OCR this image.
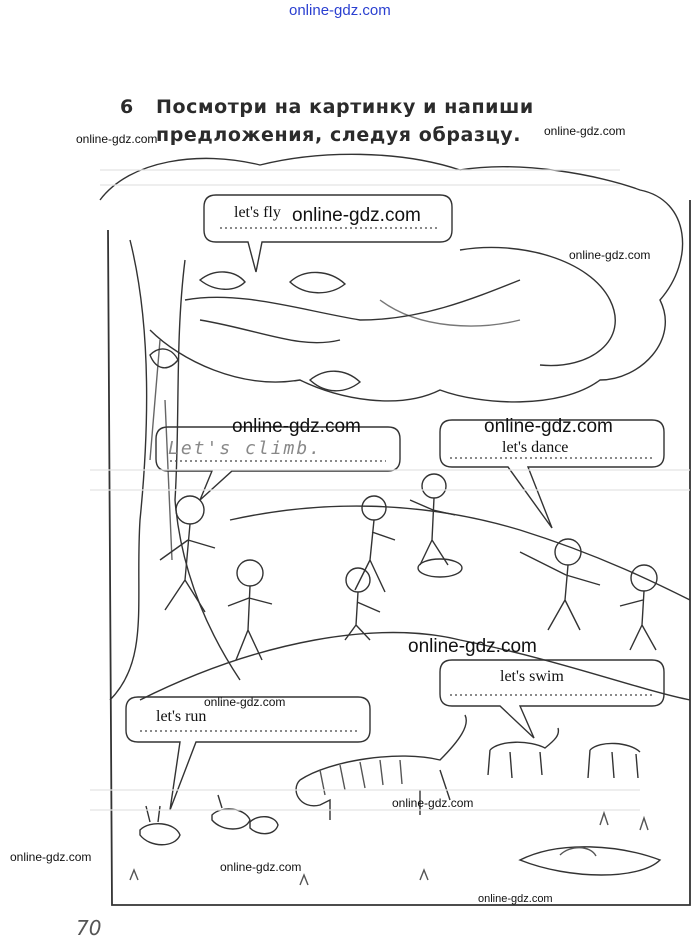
online-gdz.com
6 Посмотри на картинку и напиши
предложения, следуя образцу.
let's fly
Let's climb.	let's dance
let's swim
let's run
online-gdz.com
online-gdz.com
online-gdz.com
online-gdz.com
online-gdz.com	online-gdz.com
online-gdz.com
online-gdz.com
online-gdz.com
online-gdz.com
online-gdz.com
online-gdz.com
70
